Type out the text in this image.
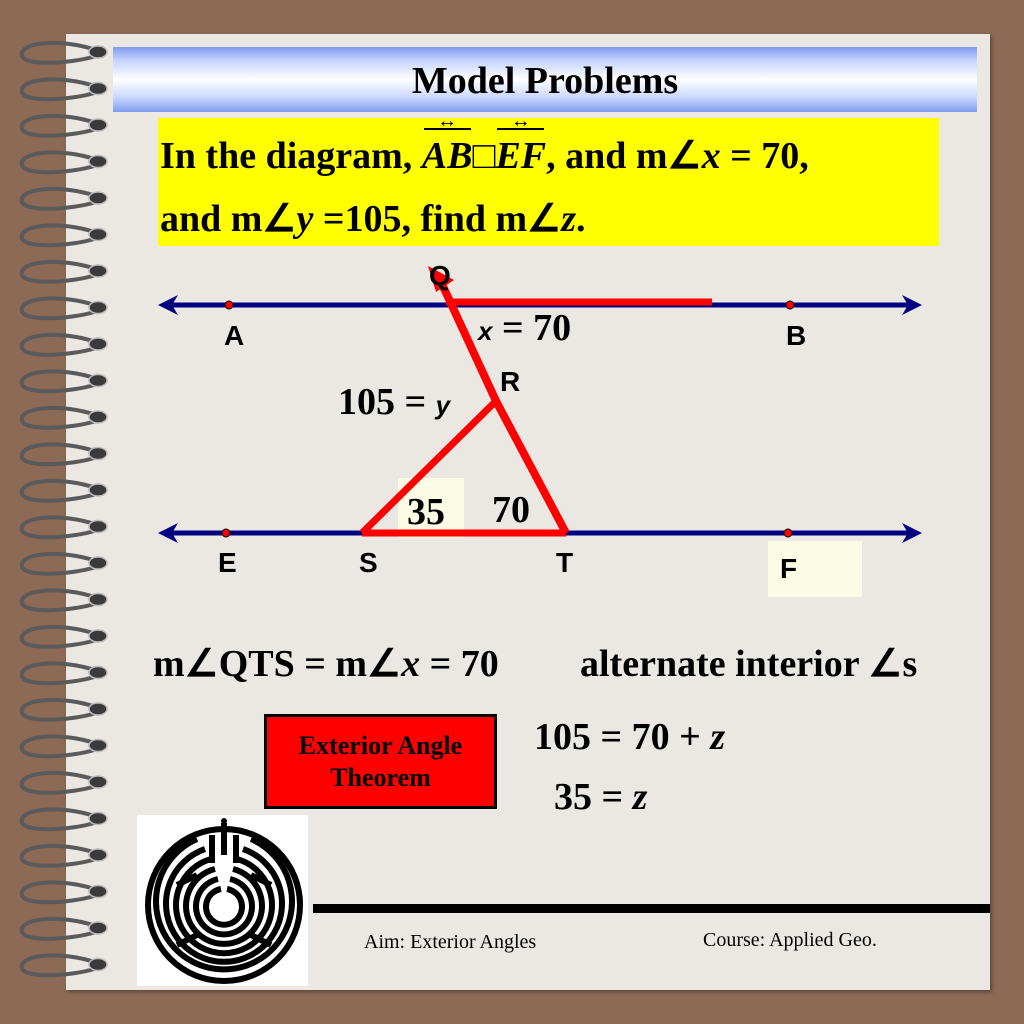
Model Problems
In the diagram, AB ↔□EF ↔, and m∠x = 70,
and m∠y =105, find m∠z.
Q
A	B
R
E	S	T	F
x = 70
105 = y
35 70
m∠QTS = m∠x = 70 alternate interior ∠s
Exterior Angle
Theorem
105 = 70 + z
35 = z
Aim: Exterior Angles	Course: Applied Geo.
